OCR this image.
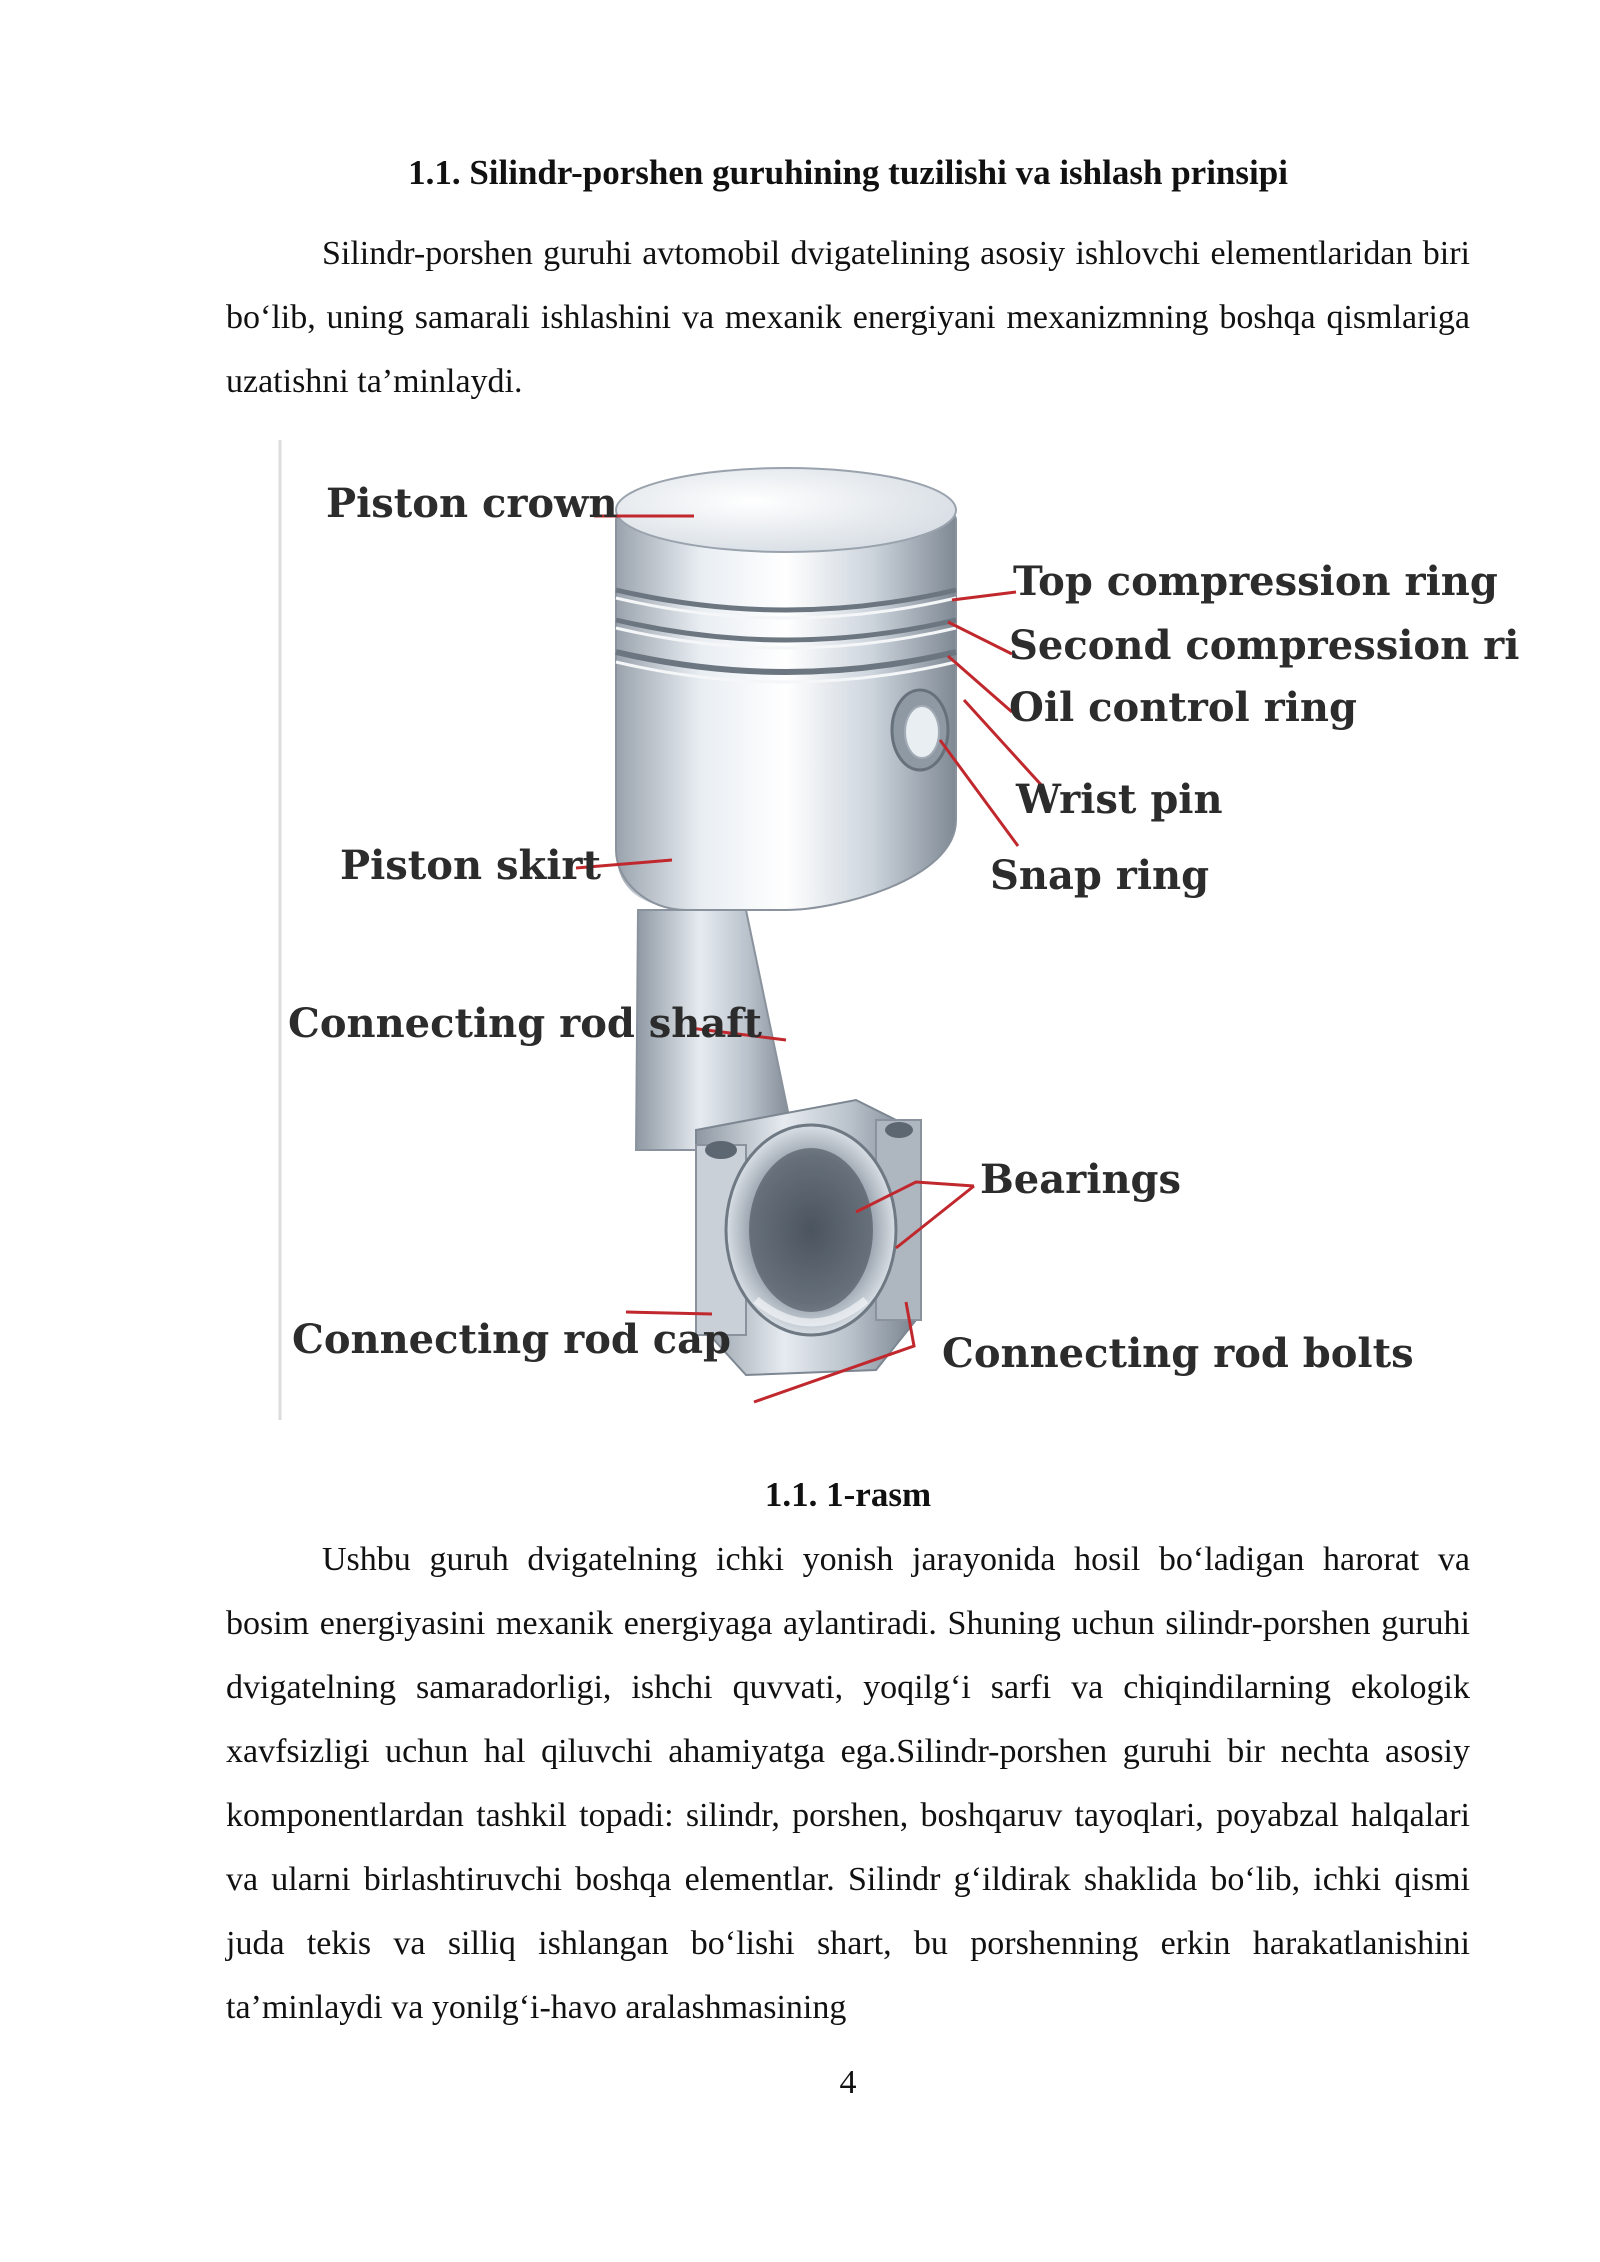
1.1. Silindr-porshen guruhining tuzilishi va ishlash prinsipi

Silindr-porshen guruhi avtomobil dvigatelining asosiy ishlovchi elementlaridan biri bo‘lib, uning samarali ishlashini va mexanik energiyani mexanizmning boshqa qismlariga uzatishni ta’minlaydi.

Piston crown
Top compression ring
Second compression ri
Oil control ring
Wrist pin
Snap ring
Piston skirt
Connecting rod shaft
Bearings
Connecting rod cap	Connecting rod bolts
1.1. 1-rasm

Ushbu guruh dvigatelning ichki yonish jarayonida hosil bo‘ladigan harorat va bosim energiyasini mexanik energiyaga aylantiradi. Shuning uchun silindr-porshen guruhi dvigatelning samaradorligi, ishchi quvvati, yoqilg‘i sarfi va chiqindilarning ekologik xavfsizligi uchun hal qiluvchi ahamiyatga ega.Silindr-porshen guruhi bir nechta asosiy komponentlardan tashkil topadi: silindr, porshen, boshqaruv tayoqlari, poyabzal halqalari va ularni birlashtiruvchi boshqa elementlar. Silindr g‘ildirak shaklida bo‘lib, ichki qismi juda tekis va silliq ishlangan bo‘lishi shart, bu porshenning erkin harakatlanishini ta’minlaydi va yonilg‘i-havo aralashmasining

4
